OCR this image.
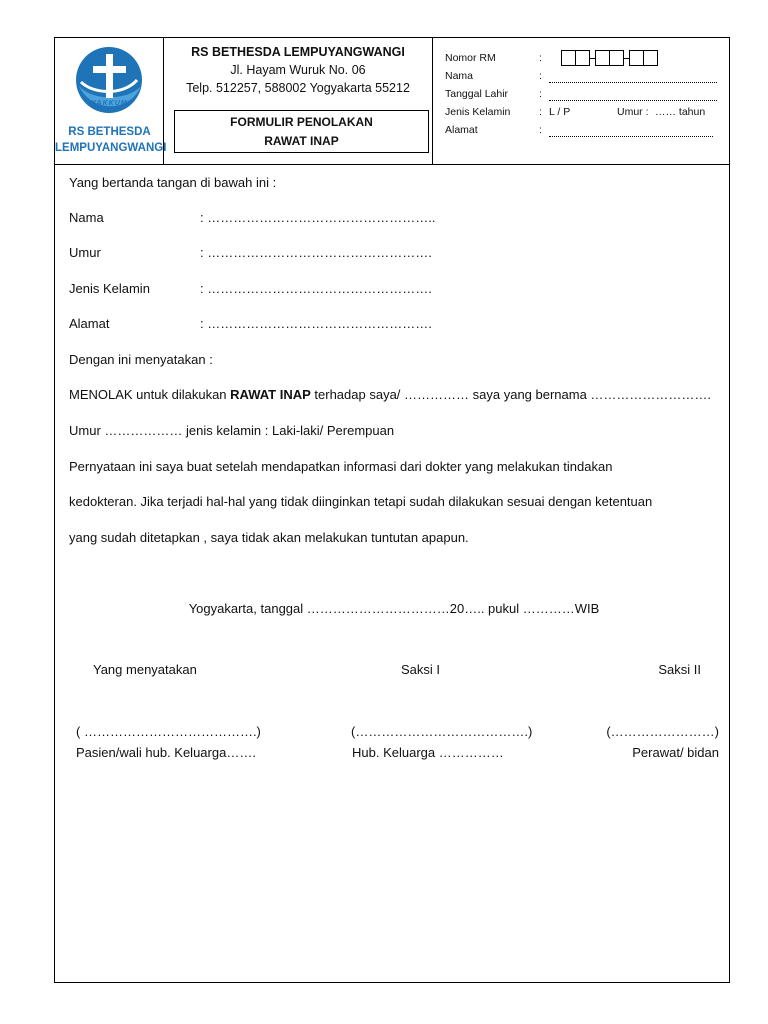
YAKKUM
RS BETHESDA
LEMPUYANGWANGI
RS BETHESDA LEMPUYANGWANGI
Jl. Hayam Wuruk No. 06
Telp. 512257, 588002 Yogyakarta 55212
FORMULIR PENOLAKAN
RAWAT INAP
Nomor RM	:
Nama	:
Tanggal Lahir	:
Jenis Kelamin	: L / P	Umur : …… tahun
Alamat	:
Yang bertanda tangan di bawah ini :
Nama	: ……………………………………………..
Umur	: …………………………………………….
Jenis Kelamin	: …………………………………………….
Alamat	: …………………………………………….
Dengan ini menyatakan :
MENOLAK untuk dilakukan RAWAT INAP terhadap saya/ …………… saya yang bernama ……………………….
Umur ……………… jenis kelamin : Laki-laki/ Perempuan
Pernyataan ini saya buat setelah mendapatkan informasi dari dokter yang melakukan tindakan
kedokteran. Jika terjadi hal-hal yang tidak diinginkan tetapi sudah dilakukan sesuai dengan ketentuan
yang sudah ditetapkan , saya tidak akan melakukan tuntutan apapun.
Yogyakarta, tanggal ……………………………20….. pukul …………WIB
Yang menyatakan	Saksi I	Saksi II
( ………………………………….)	(………………………………….)	(……………………)
Pasien/wali hub. Keluarga…….	Hub. Keluarga ……………	Perawat/ bidan
